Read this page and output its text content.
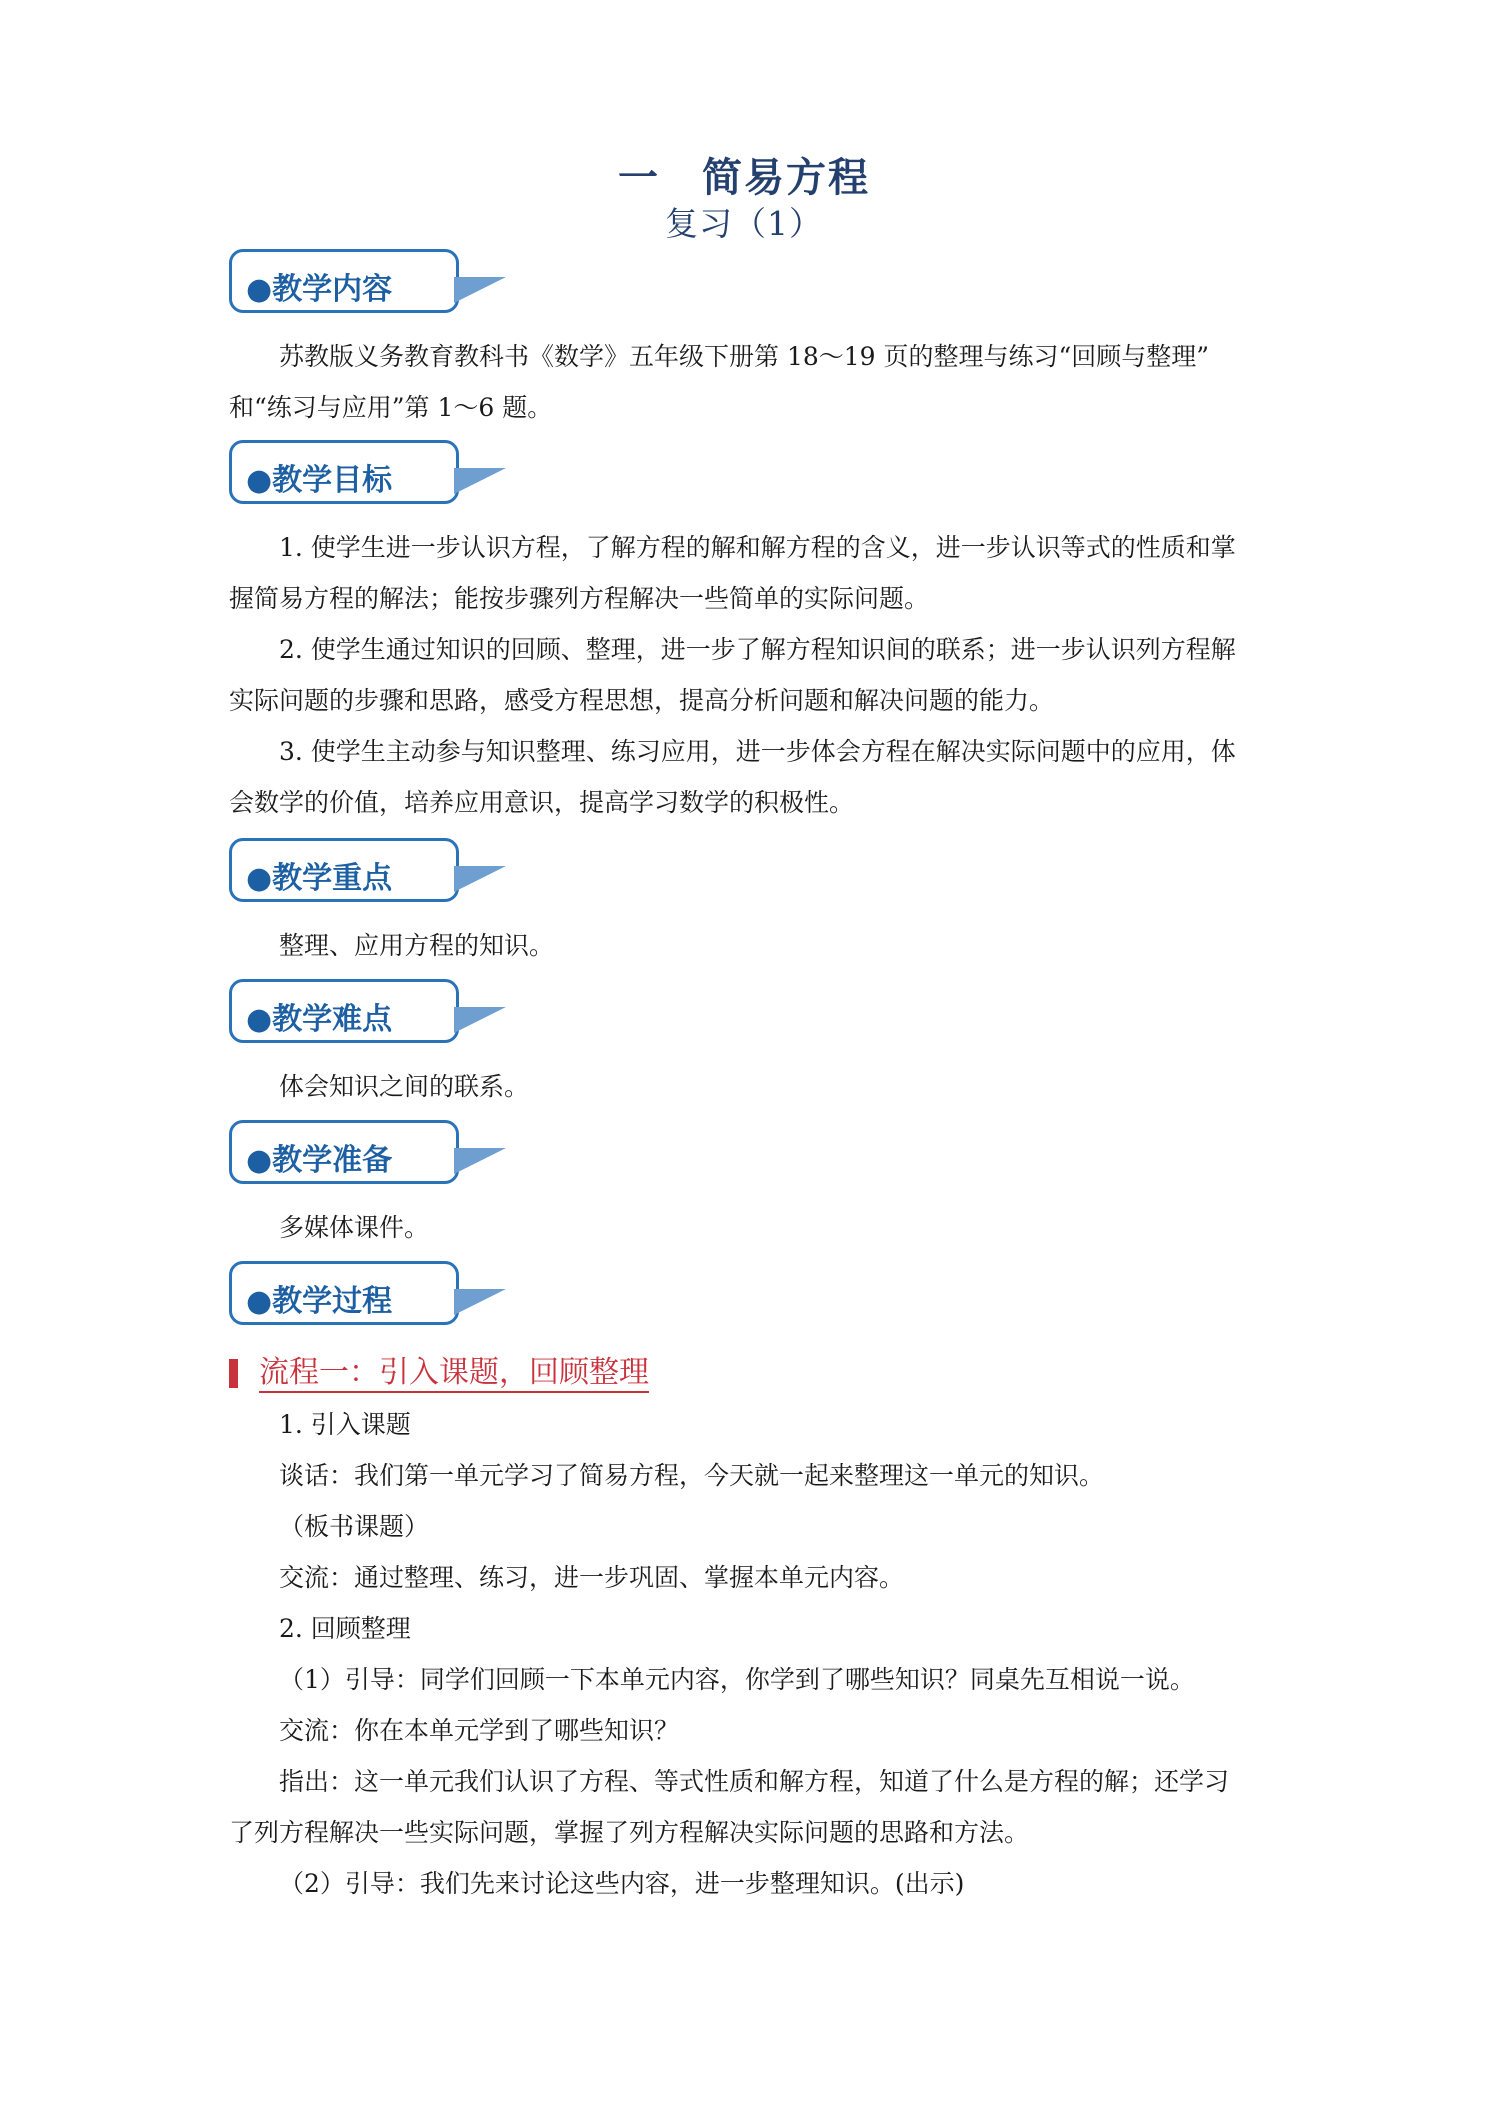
一　简易方程
复习（1）
●教学内容
苏教版义务教育教科书《数学》五年级下册第 18～19 页的整理与练习“回顾与整理”
和“练习与应用”第 1～6 题。
●教学目标
1. 使学生进一步认识方程，了解方程的解和解方程的含义，进一步认识等式的性质和掌
握简易方程的解法；能按步骤列方程解决一些简单的实际问题。
2. 使学生通过知识的回顾、整理，进一步了解方程知识间的联系；进一步认识列方程解
实际问题的步骤和思路，感受方程思想，提高分析问题和解决问题的能力。
3. 使学生主动参与知识整理、练习应用，进一步体会方程在解决实际问题中的应用，体
会数学的价值，培养应用意识，提高学习数学的积极性。
●教学重点
整理、应用方程的知识。
●教学难点
体会知识之间的联系。
●教学准备
多媒体课件。
●教学过程
流程一：引入课题，回顾整理
1. 引入课题
谈话：我们第一单元学习了简易方程，今天就一起来整理这一单元的知识。
（板书课题）
交流：通过整理、练习，进一步巩固、掌握本单元内容。
2. 回顾整理
（1）引导：同学们回顾一下本单元内容，你学到了哪些知识？同桌先互相说一说。
交流：你在本单元学到了哪些知识？
指出：这一单元我们认识了方程、等式性质和解方程，知道了什么是方程的解；还学习
了列方程解决一些实际问题，掌握了列方程解决实际问题的思路和方法。
（2）引导：我们先来讨论这些内容，进一步整理知识。(出示)
